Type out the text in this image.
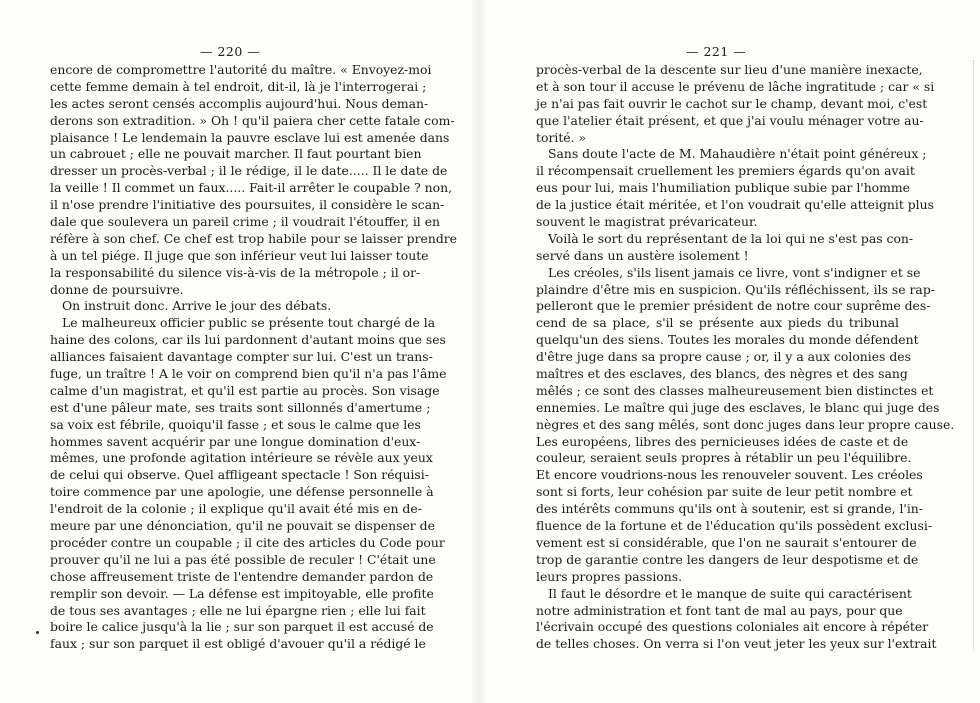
— 220 —
encore de compromettre l'autorité du maître. « Envoyez-moi
cette femme demain à tel endroit, dit-il, là je l'interrogerai ;
les actes seront censés accomplis aujourd'hui. Nous deman-
derons son extradition. » Oh ! qu'il paiera cher cette fatale com-
plaisance ! Le lendemain la pauvre esclave lui est amenée dans
un cabrouet ; elle ne pouvait marcher. Il faut pourtant bien
dresser un procès-verbal ; il le rédige, il le date..... Il le date de
la veille ! Il commet un faux..... Fait-il arrêter le coupable ? non,
il n'ose prendre l'initiative des poursuites, il considère le scan-
dale que soulevera un pareil crime ; il voudrait l'étouffer, il en
réfère à son chef. Ce chef est trop habile pour se laisser prendre
à un tel piége. Il juge que son inférieur veut lui laisser toute
la responsabilité du silence vis-à-vis de la métropole ; il or-
donne de poursuivre.
On instruit donc. Arrive le jour des débats.
Le malheureux officier public se présente tout chargé de la
haine des colons, car ils lui pardonnent d'autant moins que ses
alliances faisaient davantage compter sur lui. C'est un trans-
fuge, un traître ! A le voir on comprend bien qu'il n'a pas l'âme
calme d'un magistrat, et qu'il est partie au procès. Son visage
est d'une pâleur mate, ses traits sont sillonnés d'amertume ;
sa voix est fébrile, quoiqu'il fasse ; et sous le calme que les
hommes savent acquérir par une longue domination d'eux-
mêmes, une profonde agitation intérieure se révèle aux yeux
de celui qui observe. Quel affligeant spectacle ! Son réquisi-
toire commence par une apologie, une défense personnelle à
l'endroit de la colonie ; il explique qu'il avait été mis en de-
meure par une dénonciation, qu'il ne pouvait se dispenser de
procéder contre un coupable ; il cite des articles du Code pour
prouver qu'il ne lui a pas été possible de reculer ! C'était une
chose affreusement triste de l'entendre demander pardon de
remplir son devoir. — La défense est impitoyable, elle profite
de tous ses avantages ; elle ne lui épargne rien ; elle lui fait
boire le calice jusqu'à la lie ; sur son parquet il est accusé de
faux ; sur son parquet il est obligé d'avouer qu'il a rédigé le
— 221 —
procès-verbal de la descente sur lieu d'une manière inexacte,
et à son tour il accuse le prévenu de lâche ingratitude ; car « si
je n'ai pas fait ouvrir le cachot sur le champ, devant moi, c'est
que l'atelier était présent, et que j'ai voulu ménager votre au-
torité. »
Sans doute l'acte de M. Mahaudière n'était point généreux ;
il récompensait cruellement les premiers égards qu'on avait
eus pour lui, mais l'humiliation publique subie par l'homme
de la justice était méritée, et l'on voudrait qu'elle atteignit plus
souvent le magistrat prévaricateur.
Voilà le sort du représentant de la loi qui ne s'est pas con-
servé dans un austère isolement !
Les créoles, s'ils lisent jamais ce livre, vont s'indigner et se
plaindre d'être mis en suspicion. Qu'ils réfléchissent, ils se rap-
pelleront que le premier président de notre cour suprême des-
cend de sa place, s'il se présente aux pieds du tribunal
quelqu'un des siens. Toutes les morales du monde défendent
d'être juge dans sa propre cause ; or, il y a aux colonies des
maîtres et des esclaves, des blancs, des nègres et des sang
mêlés ; ce sont des classes malheureusement bien distinctes et
ennemies. Le maître qui juge des esclaves, le blanc qui juge des
nègres et des sang mêlés, sont donc juges dans leur propre cause.
Les européens, libres des pernicieuses idées de caste et de
couleur, seraient seuls propres à rétablir un peu l'équilibre.
Et encore voudrions-nous les renouveler souvent. Les créoles
sont si forts, leur cohésion par suite de leur petit nombre et
des intérêts communs qu'ils ont à soutenir, est si grande, l'in-
fluence de la fortune et de l'éducation qu'ils possèdent exclusi-
vement est si considérable, que l'on ne saurait s'entourer de
trop de garantie contre les dangers de leur despotisme et de
leurs propres passions.
Il faut le désordre et le manque de suite qui caractérisent
notre administration et font tant de mal au pays, pour que
l'écrivain occupé des questions coloniales ait encore à répéter
de telles choses. On verra si l'on veut jeter les yeux sur l'extrait
